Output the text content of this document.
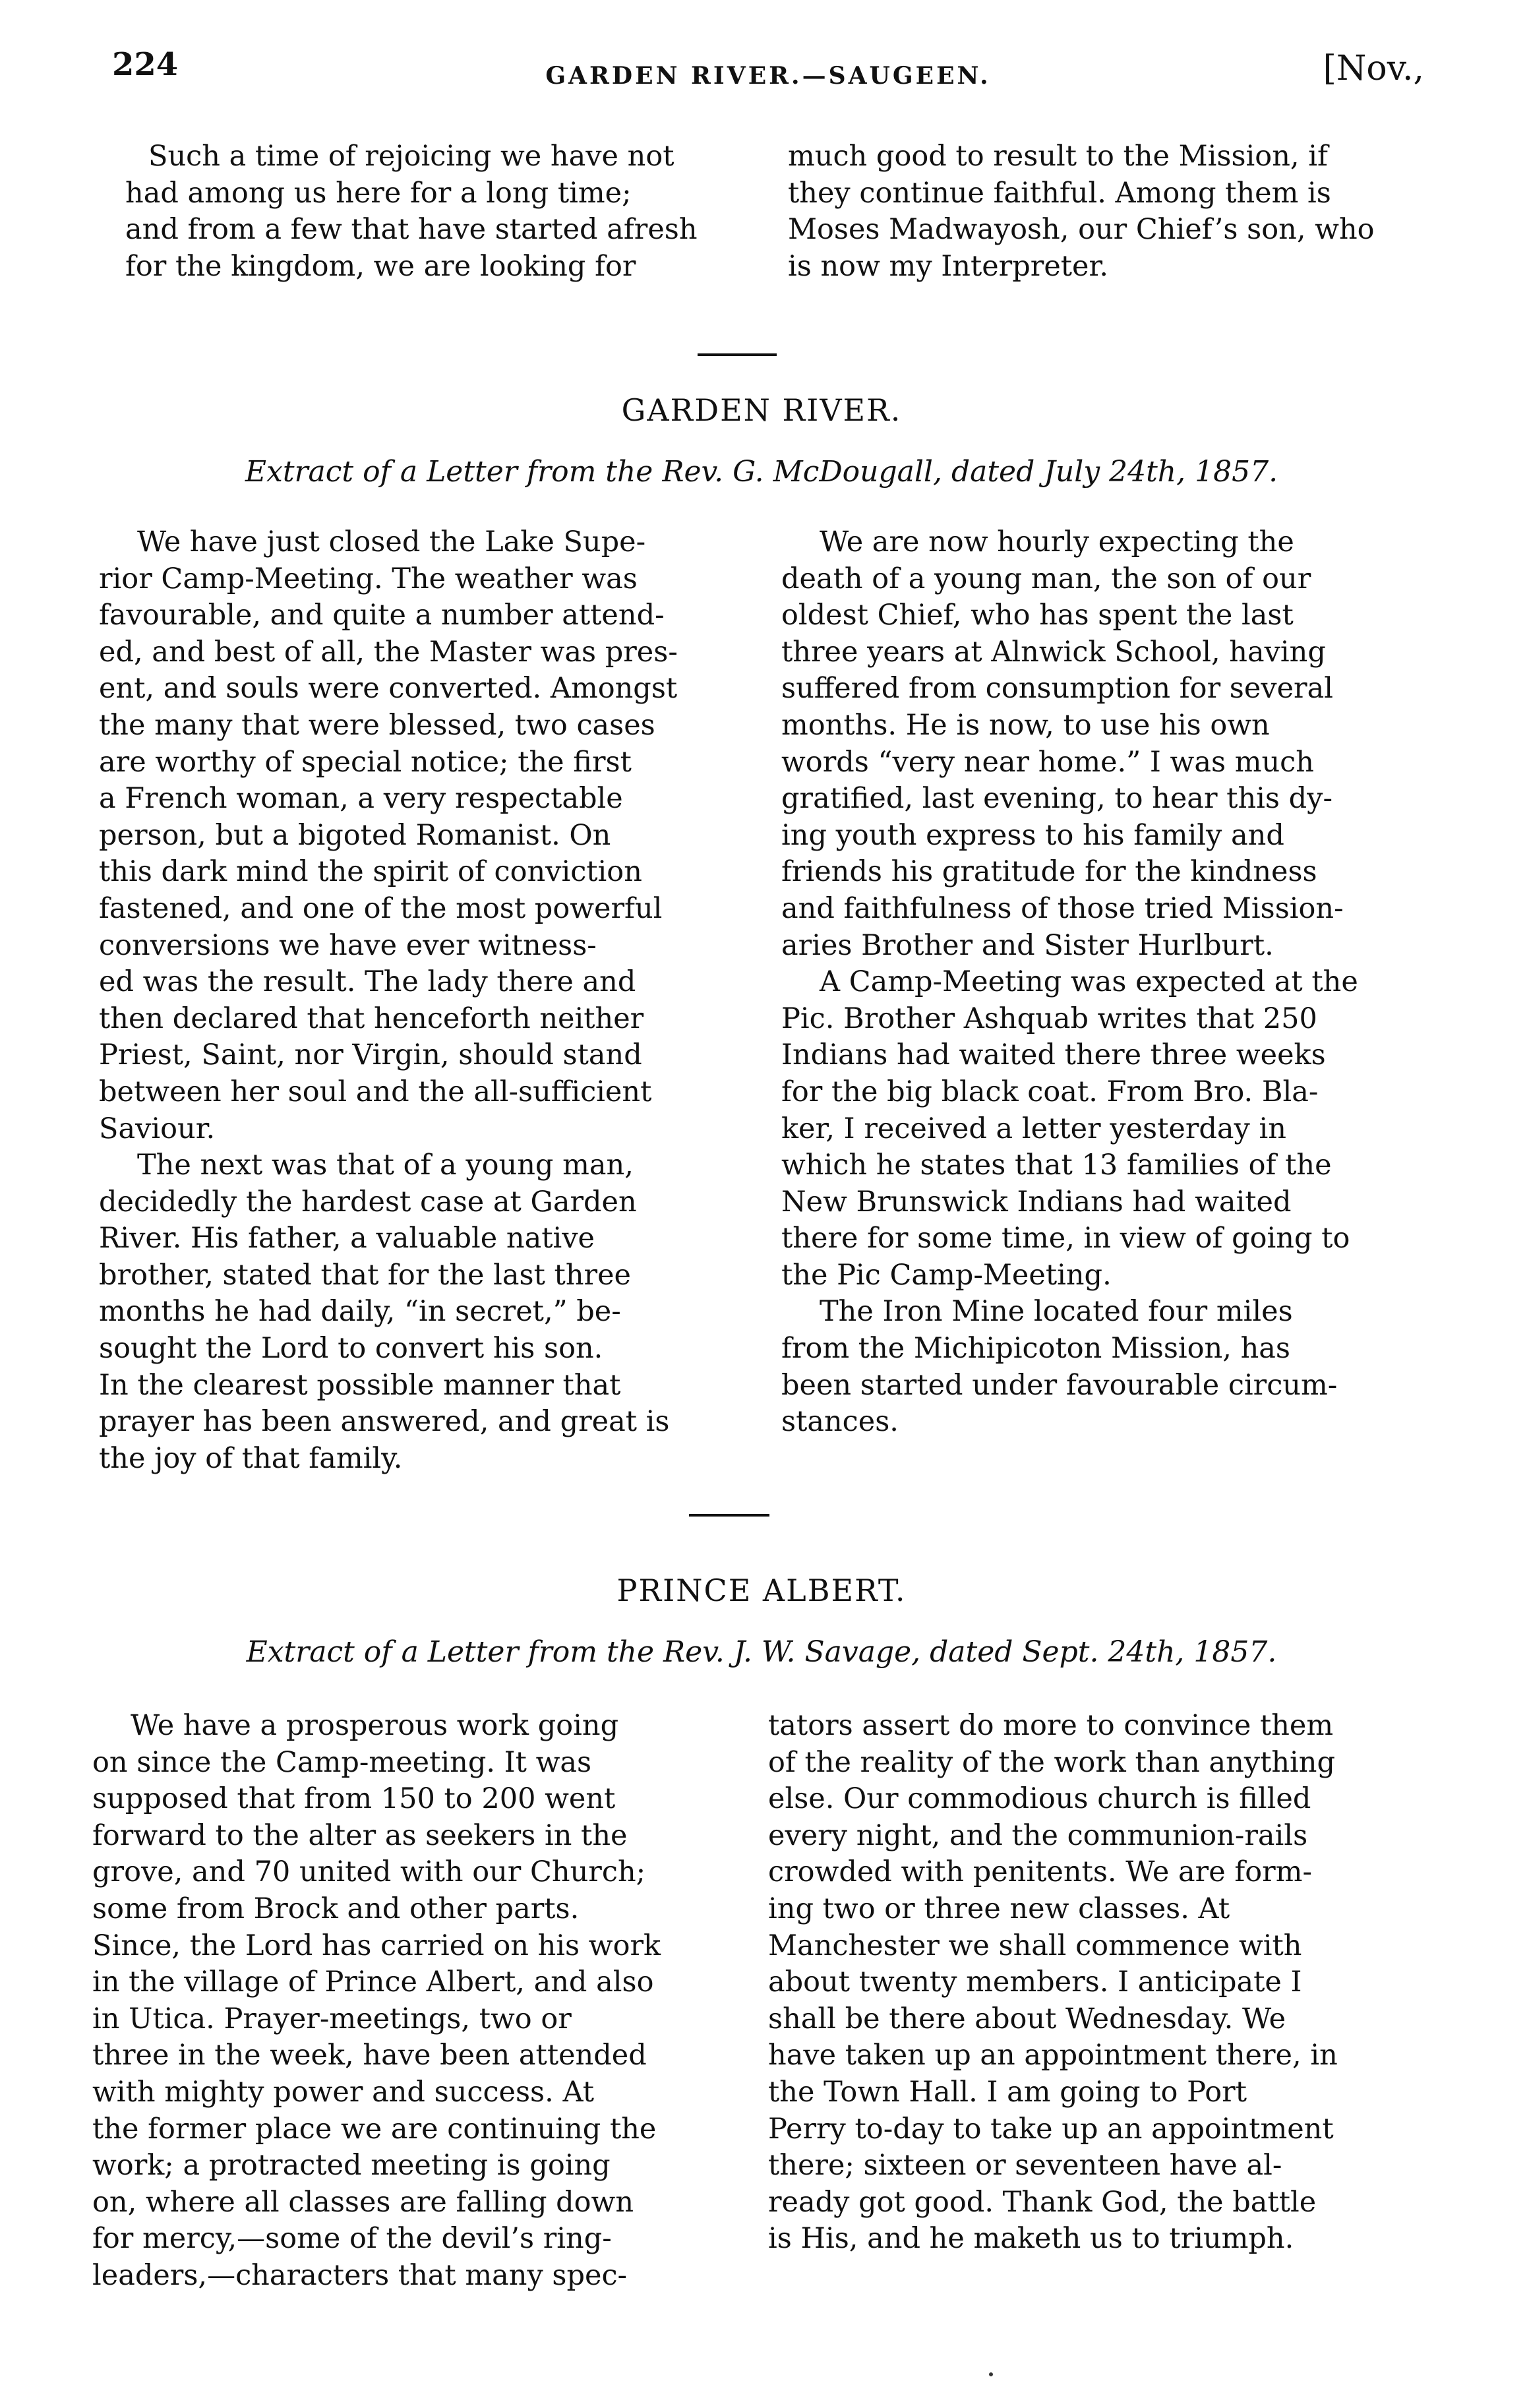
224	GARDEN RIVER.—SAUGEEN.	[Nov.,

Such a time of rejoicing we have not
had among us here for a long time;
and from a few that have started afresh
for the kingdom, we are looking for

much good to result to the Mission, if
they continue faithful. Among them is
Moses Madwayosh, our Chief’s son, who
is now my Interpreter.

GARDEN RIVER.
Extract of a Letter from the Rev. G. McDougall, dated July 24th, 1857.

We have just closed the Lake Supe-
rior Camp-Meeting. The weather was
favourable, and quite a number attend-
ed, and best of all, the Master was pres-
ent, and souls were converted. Amongst
the many that were blessed, two cases
are worthy of special notice; the first
a French woman, a very respectable
person, but a bigoted Romanist. On
this dark mind the spirit of conviction
fastened, and one of the most powerful
conversions we have ever witness-
ed was the result. The lady there and
then declared that henceforth neither
Priest, Saint, nor Virgin, should stand
between her soul and the all-sufficient
Saviour.

The next was that of a young man,
decidedly the hardest case at Garden
River. His father, a valuable native
brother, stated that for the last three
months he had daily, “in secret,” be-
sought the Lord to convert his son.
In the clearest possible manner that
prayer has been answered, and great is
the joy of that family.

We are now hourly expecting the
death of a young man, the son of our
oldest Chief, who has spent the last
three years at Alnwick School, having
suffered from consumption for several
months. He is now, to use his own
words “very near home.” I was much
gratified, last evening, to hear this dy-
ing youth express to his family and
friends his gratitude for the kindness
and faithfulness of those tried Mission-
aries Brother and Sister Hurlburt.

A Camp-Meeting was expected at the
Pic. Brother Ashquab writes that 250
Indians had waited there three weeks
for the big black coat. From Bro. Bla-
ker, I received a letter yesterday in
which he states that 13 families of the
New Brunswick Indians had waited
there for some time, in view of going to
the Pic Camp-Meeting.

The Iron Mine located four miles
from the Michipicoton Mission, has
been started under favourable circum-
stances.

PRINCE ALBERT.
Extract of a Letter from the Rev. J. W. Savage, dated Sept. 24th, 1857.

We have a prosperous work going
on since the Camp-meeting. It was
supposed that from 150 to 200 went
forward to the alter as seekers in the
grove, and 70 united with our Church;
some from Brock and other parts.
Since, the Lord has carried on his work
in the village of Prince Albert, and also
in Utica. Prayer-meetings, two or
three in the week, have been attended
with mighty power and success. At
the former place we are continuing the
work; a protracted meeting is going
on, where all classes are falling down
for mercy,—some of the devil’s ring-
leaders,—characters that many spec-

tators assert do more to convince them
of the reality of the work than anything
else. Our commodious church is filled
every night, and the communion-rails
crowded with penitents. We are form-
ing two or three new classes. At
Manchester we shall commence with
about twenty members. I anticipate I
shall be there about Wednesday. We
have taken up an appointment there, in
the Town Hall. I am going to Port
Perry to-day to take up an appointment
there; sixteen or seventeen have al-
ready got good. Thank God, the battle
is His, and he maketh us to triumph.
